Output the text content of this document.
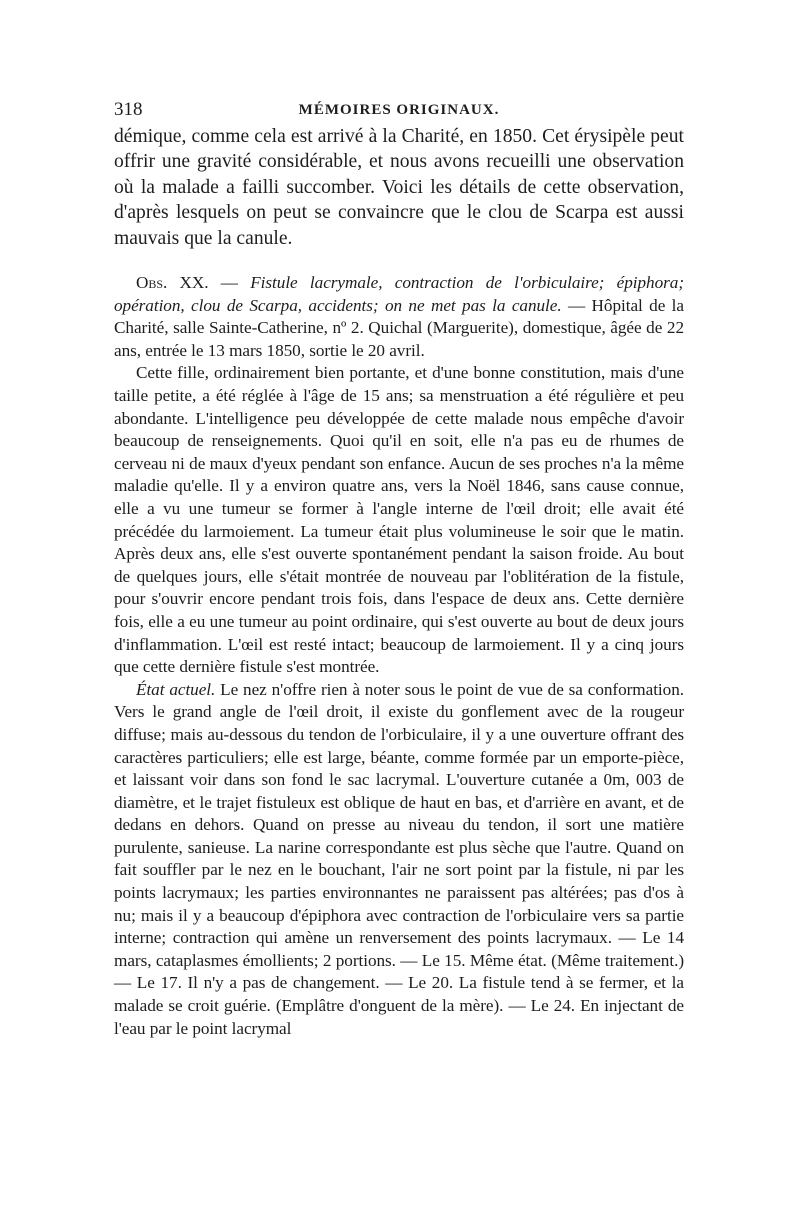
318	MÉMOIRES ORIGINAUX.

démique, comme cela est arrivé à la Charité, en 1850. Cet érysipèle peut offrir une gravité considérable, et nous avons recueilli une observation où la malade a failli succomber. Voici les détails de cette observation, d'après lesquels on peut se convaincre que le clou de Scarpa est aussi mauvais que la canule.

Obs. XX. — Fistule lacrymale, contraction de l'orbiculaire; épiphora; opération, clou de Scarpa, accidents; on ne met pas la canule. — Hôpital de la Charité, salle Sainte-Catherine, nº 2. Quichal (Marguerite), domestique, âgée de 22 ans, entrée le 13 mars 1850, sortie le 20 avril.

Cette fille, ordinairement bien portante, et d'une bonne constitution, mais d'une taille petite, a été réglée à l'âge de 15 ans; sa menstruation a été régulière et peu abondante. L'intelligence peu développée de cette malade nous empêche d'avoir beaucoup de renseignements. Quoi qu'il en soit, elle n'a pas eu de rhumes de cerveau ni de maux d'yeux pendant son enfance. Aucun de ses proches n'a la même maladie qu'elle. Il y a environ quatre ans, vers la Noël 1846, sans cause connue, elle a vu une tumeur se former à l'angle interne de l'œil droit; elle avait été précédée du larmoiement. La tumeur était plus volumineuse le soir que le matin. Après deux ans, elle s'est ouverte spontanément pendant la saison froide. Au bout de quelques jours, elle s'était montrée de nouveau par l'oblitération de la fistule, pour s'ouvrir encore pendant trois fois, dans l'espace de deux ans. Cette dernière fois, elle a eu une tumeur au point ordinaire, qui s'est ouverte au bout de deux jours d'inflammation. L'œil est resté intact; beaucoup de larmoiement. Il y a cinq jours que cette dernière fistule s'est montrée.

État actuel. Le nez n'offre rien à noter sous le point de vue de sa conformation. Vers le grand angle de l'œil droit, il existe du gonflement avec de la rougeur diffuse; mais au-dessous du tendon de l'orbiculaire, il y a une ouverture offrant des caractères particuliers; elle est large, béante, comme formée par un emporte-pièce, et laissant voir dans son fond le sac lacrymal. L'ouverture cutanée a 0m, 003 de diamètre, et le trajet fistuleux est oblique de haut en bas, et d'arrière en avant, et de dedans en dehors. Quand on presse au niveau du tendon, il sort une matière purulente, sanieuse. La narine correspondante est plus sèche que l'autre. Quand on fait souffler par le nez en le bouchant, l'air ne sort point par la fistule, ni par les points lacrymaux; les parties environnantes ne paraissent pas altérées; pas d'os à nu; mais il y a beaucoup d'épiphora avec contraction de l'orbiculaire vers sa partie interne; contraction qui amène un renversement des points lacrymaux. — Le 14 mars, cataplasmes émollients; 2 portions. — Le 15. Même état. (Même traitement.) — Le 17. Il n'y a pas de changement. — Le 20. La fistule tend à se fermer, et la malade se croit guérie. (Emplâtre d'onguent de la mère). — Le 24. En injectant de l'eau par le point lacrymal
